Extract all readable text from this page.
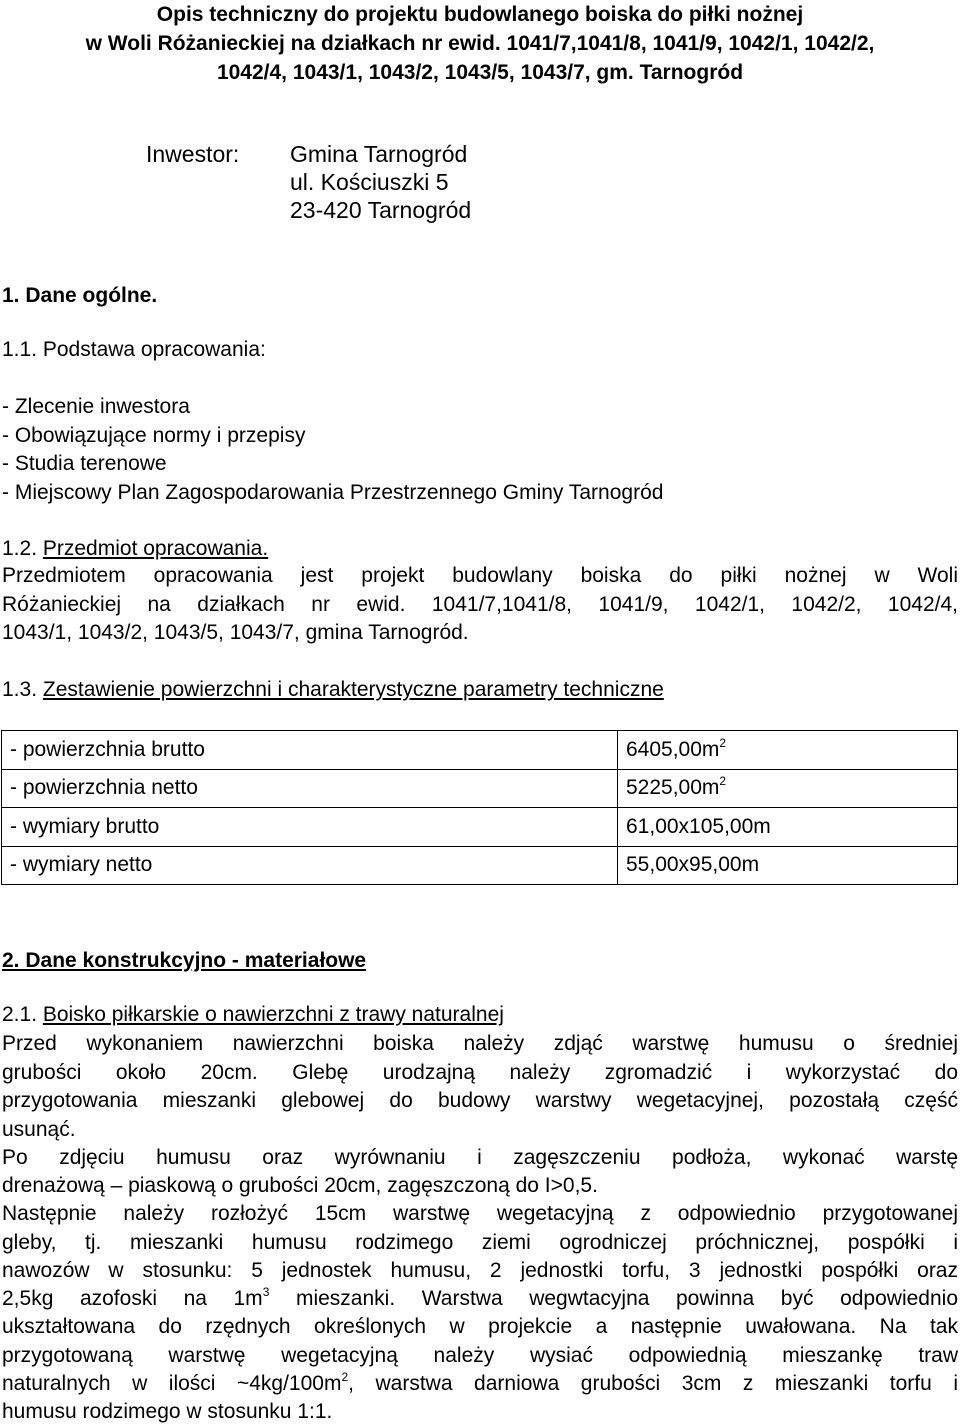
Opis techniczny do projektu budowlanego boiska do piłki nożnej
w Woli Różanieckiej na działkach nr ewid. 1041/7,1041/8, 1041/9, 1042/1, 1042/2,
1042/4, 1043/1, 1043/2, 1043/5, 1043/7, gm. Tarnogród
Inwestor: Gmina Tarnogród
ul. Kościuszki 5
23-420 Tarnogród
1. Dane ogólne.
1.1. Podstawa opracowania:
- Zlecenie inwestora
- Obowiązujące normy i przepisy
- Studia terenowe
- Miejscowy Plan Zagospodarowania Przestrzennego Gminy Tarnogród
1.2. Przedmiot opracowania.
Przedmiotem opracowania jest projekt budowlany boiska do piłki nożnej w Woli
Różanieckiej na działkach nr ewid. 1041/7,1041/8, 1041/9, 1042/1, 1042/2, 1042/4,
1043/1, 1043/2, 1043/5, 1043/7, gmina Tarnogród.
1.3. Zestawienie powierzchni i charakterystyczne parametry techniczne
- powierzchnia brutto	$6405,00m^2$
- powierzchnia netto	$5225,00m^2$
- wymiary brutto	61,00x105,00m
- wymiary netto	55,00x95,00m
2. Dane konstrukcyjno - materiałowe
2.1. Boisko piłkarskie o nawierzchni z trawy naturalnej
Przed wykonaniem nawierzchni boiska należy zdjąć warstwę humusu o średniej
grubości około 20cm. Glebę urodzajną należy zgromadzić i wykorzystać do
przygotowania mieszanki glebowej do budowy warstwy wegetacyjnej, pozostałą część
usunąć.
Po zdjęciu humusu oraz wyrównaniu i zagęszczeniu podłoża, wykonać warstę
drenażową – piaskową o grubości 20cm, zagęszczoną do I>0,5.
Następnie należy rozłożyć 15cm warstwę wegetacyjną z odpowiednio przygotowanej
gleby, tj. mieszanki humusu rodzimego ziemi ogrodniczej próchnicznej, pospółki i
nawozów w stosunku: 5 jednostek humusu, 2 jednostki torfu, 3 jednostki pospółki oraz
2,5kg azofoski na $1m^3$ mieszanki. Warstwa wegwtacyjna powinna być odpowiednio
ukształtowana do rzędnych określonych w projekcie a następnie uwałowana. Na tak
przygotowaną warstwę wegetacyjną należy wysiać odpowiednią mieszankę traw
naturalnych w ilości $\sim 4kg/100m^2$, warstwa darniowa grubości 3cm z mieszanki torfu i
humusu rodzimego w stosunku 1:1.
